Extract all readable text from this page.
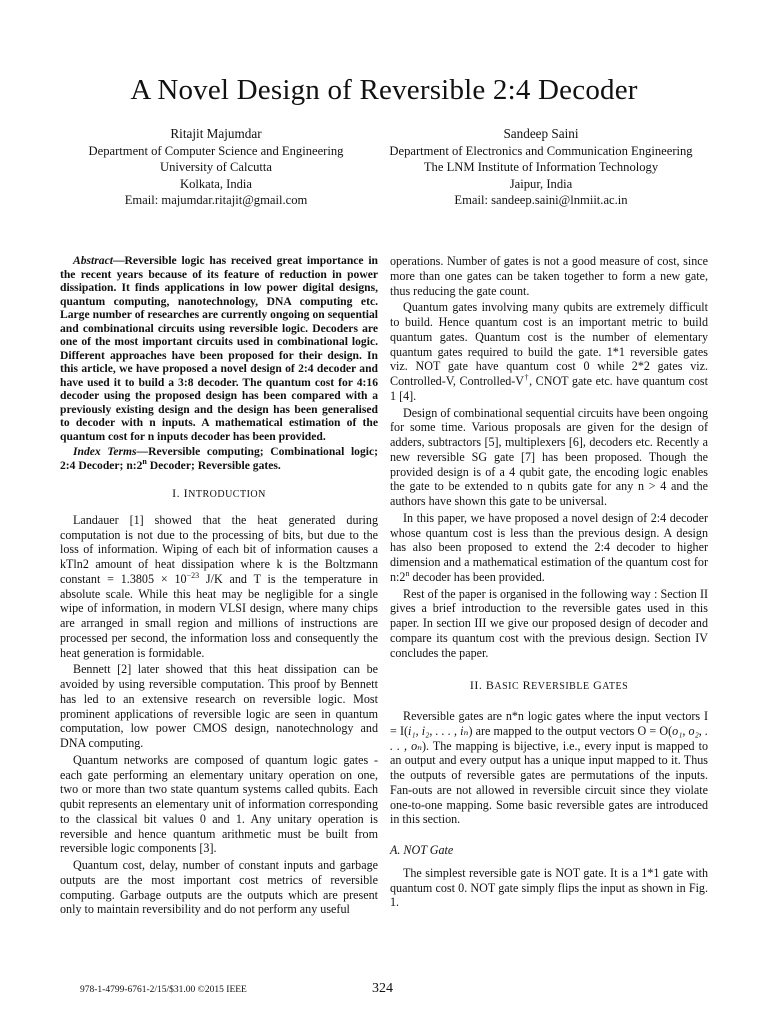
A Novel Design of Reversible 2:4 Decoder
Ritajit Majumdar
Department of Computer Science and Engineering
University of Calcutta
Kolkata, India
Email: majumdar.ritajit@gmail.com
Sandeep Saini
Department of Electronics and Communication Engineering
The LNM Institute of Information Technology
Jaipur, India
Email: sandeep.saini@lnmiit.ac.in

Abstract—Reversible logic has received great importance in the recent years because of its feature of reduction in power dissipation. It finds applications in low power digital designs, quantum computing, nanotechnology, DNA computing etc. Large number of researches are currently ongoing on sequential and combinational circuits using reversible logic. Decoders are one of the most important circuits used in combinational logic. Different approaches have been proposed for their design. In this article, we have proposed a novel design of 2:4 decoder and have used it to build a 3:8 decoder. The quantum cost for 4:16 decoder using the proposed design has been compared with a previously existing design and the design has been generalised to decoder with n inputs. A mathematical estimation of the quantum cost for n inputs decoder has been provided.

Index Terms—Reversible computing; Combinational logic; 2:4 Decoder; n:2$^n$ Decoder; Reversible gates.

I. INTRODUCTION

Landauer [1] showed that the heat generated during computation is not due to the processing of bits, but due to the loss of information. Wiping of each bit of information causes a kTln2 amount of heat dissipation where k is the Boltzmann constant = $1.3805 \times 10^{-23}$ J/K and T is the temperature in absolute scale. While this heat may be negligible for a single wipe of information, in modern VLSI design, where many chips are arranged in small region and millions of instructions are processed per second, the information loss and consequently the heat generation is formidable.

Bennett [2] later showed that this heat dissipation can be avoided by using reversible computation. This proof by Bennett has led to an extensive research on reversible logic. Most prominent applications of reversible logic are seen in quantum computation, low power CMOS design, nanotechnology and DNA computing.

Quantum networks are composed of quantum logic gates - each gate performing an elementary unitary operation on one, two or more than two state quantum systems called qubits. Each qubit represents an elementary unit of information corresponding to the classical bit values 0 and 1. Any unitary operation is reversible and hence quantum arithmetic must be built from reversible logic components [3].

Quantum cost, delay, number of constant inputs and garbage outputs are the most important cost metrics of reversible computing. Garbage outputs are the outputs which are present only to maintain reversibility and do not perform any useful

operations. Number of gates is not a good measure of cost, since more than one gates can be taken together to form a new gate, thus reducing the gate count.

Quantum gates involving many qubits are extremely difficult to build. Hence quantum cost is an important metric to build quantum gates. Quantum cost is the number of elementary quantum gates required to build the gate. 1*1 reversible gates viz. NOT gate have quantum cost 0 while 2*2 gates viz. Controlled-V, Controlled-V†, CNOT gate etc. have quantum cost 1 [4].

Design of combinational sequential circuits have been ongoing for some time. Various proposals are given for the design of adders, subtractors [5], multiplexers [6], decoders etc. Recently a new reversible SG gate [7] has been proposed. Though the provided design is of a 4 qubit gate, the encoding logic enables the gate to be extended to n qubits gate for any n > 4 and the authors have shown this gate to be universal.

In this paper, we have proposed a novel design of 2:4 decoder whose quantum cost is less than the previous design. A design has also been proposed to extend the 2:4 decoder to higher dimension and a mathematical estimation of the quantum cost for n:2$^n$ decoder has been provided.

Rest of the paper is organised in the following way : Section II gives a brief introduction to the reversible gates used in this paper. In section III we give our proposed design of decoder and compare its quantum cost with the previous design. Section IV concludes the paper.

II. BASIC REVERSIBLE GATES

Reversible gates are n*n logic gates where the input vectors I = I(i₁, i₂, . . . , iₙ) are mapped to the output vectors O = O(o₁, o₂, . . . , oₙ). The mapping is bijective, i.e., every input is mapped to an output and every output has a unique input mapped to it. Thus the outputs of reversible gates are permutations of the inputs. Fan-outs are not allowed in reversible circuit since they violate one-to-one mapping. Some basic reversible gates are introduced in this section.

A. NOT Gate

The simplest reversible gate is NOT gate. It is a 1*1 gate with quantum cost 0. NOT gate simply flips the input as shown in Fig. 1.

978-1-4799-6761-2/15/$31.00 ©2015 IEEE	324
